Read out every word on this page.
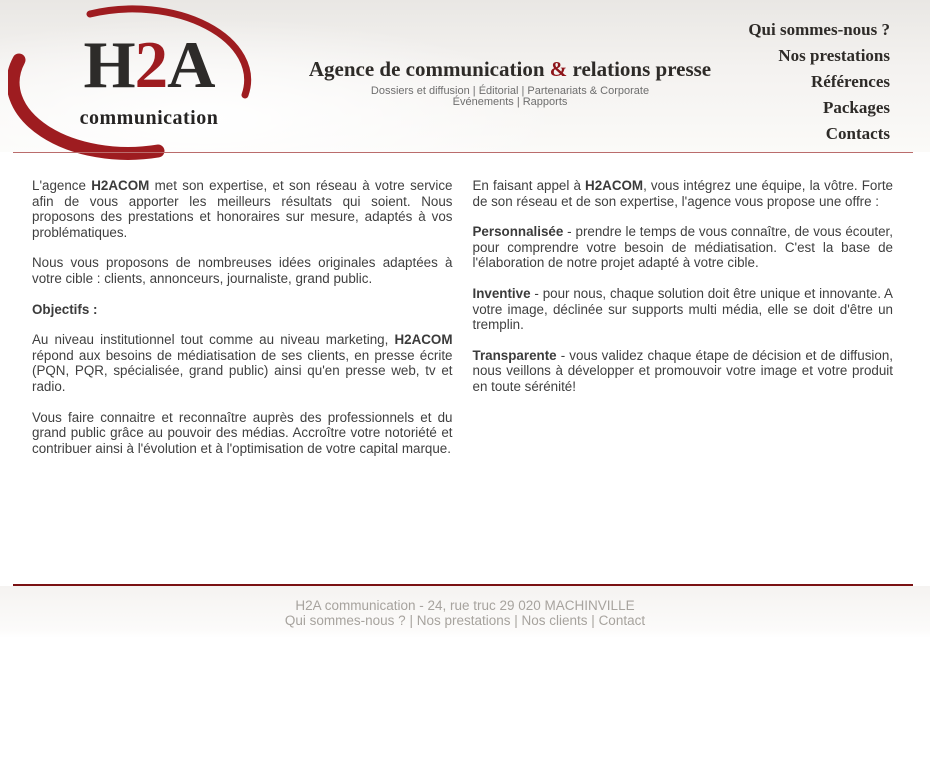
H2A
communication
Agence de communication & relations presse
Dossiers et diffusion | Éditorial | Partenariats & Corporate
Événements | Rapports
Qui sommes-nous ?
Nos prestations
Références
Packages
Contacts

L'agence H2ACOM met son expertise, et son réseau à votre service afin de vous apporter les meilleurs résultats qui soient. Nous proposons des prestations et honoraires sur mesure, adaptés à vos problématiques.

Nous vous proposons de nombreuses idées originales adaptées à votre cible : clients, annonceurs, journaliste, grand public.

Objectifs :

Au niveau institutionnel tout comme au niveau marketing, H2ACOM répond aux besoins de médiatisation de ses clients, en presse écrite (PQN, PQR, spécialisée, grand public) ainsi qu'en presse web, tv et radio.

Vous faire connaitre et reconnaître auprès des professionnels et du grand public grâce au pouvoir des médias. Accroître votre notoriété et contribuer ainsi à l'évolution et à l'optimisation de votre capital marque.

En faisant appel à H2ACOM, vous intégrez une équipe, la vôtre. Forte de son réseau et de son expertise, l'agence vous propose une offre :

Personnalisée - prendre le temps de vous connaître, de vous écouter, pour comprendre votre besoin de médiatisation. C'est la base de l'élaboration de notre projet adapté à votre cible.

Inventive - pour nous, chaque solution doit être unique et innovante. A votre image, déclinée sur supports multi média, elle se doit d'être un tremplin.

Transparente - vous validez chaque étape de décision et de diffusion, nous veillons à développer et promouvoir votre image et votre produit en toute sérénité!

H2A communication - 24, rue truc 29 020 MACHINVILLE
Qui sommes-nous ? | Nos prestations | Nos clients | Contact
